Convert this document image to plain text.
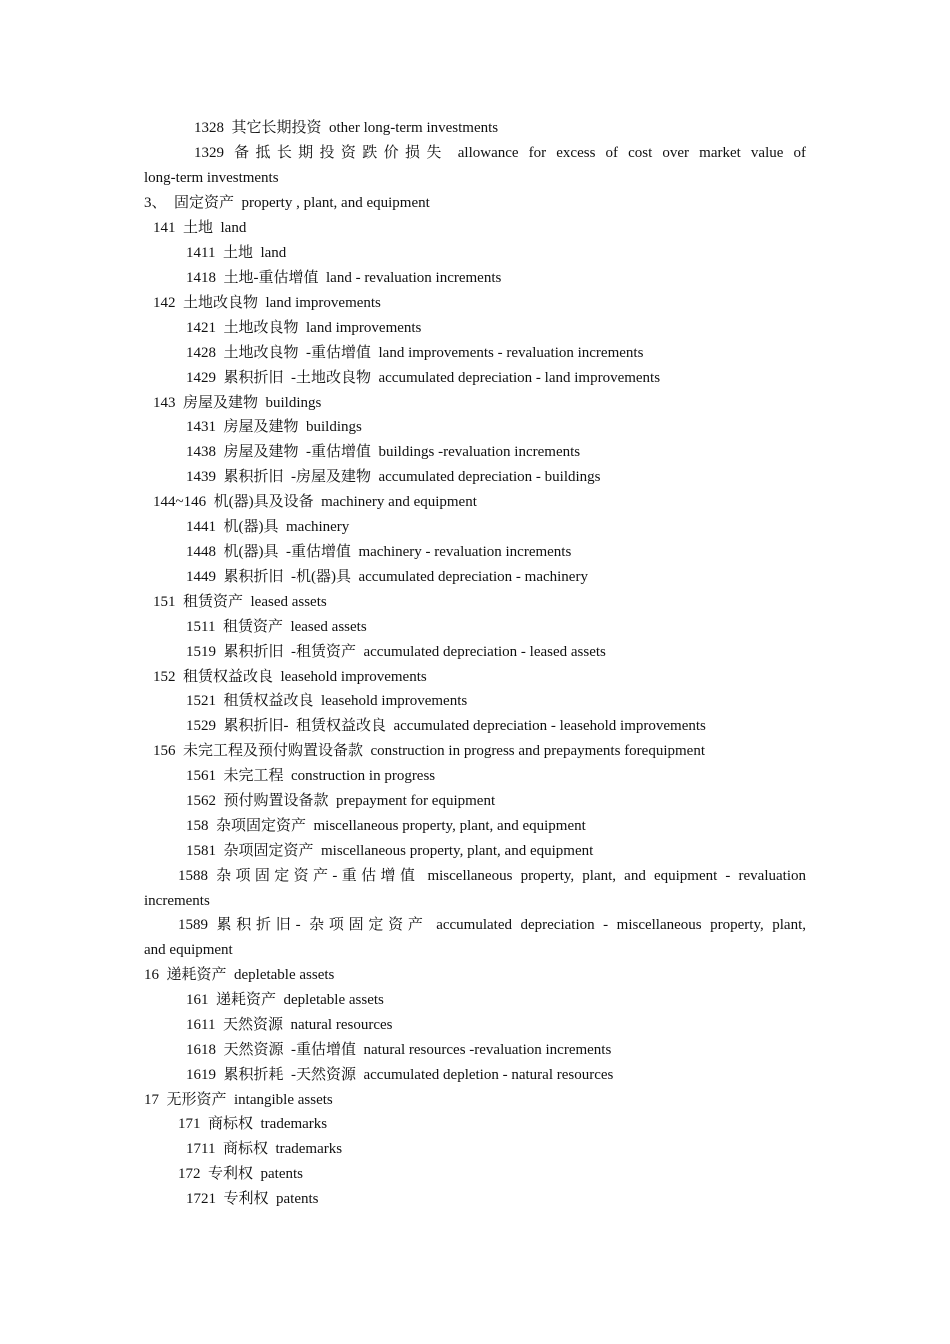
1328  其它长期投资  other long-term investments
1329 备抵长期投资跌价损失 allowance for excess of cost over market value of
long-term investments
3、  固定资产  property , plant, and equipment
141  土地  land
1411  土地  land
1418  土地-重估增值  land - revaluation increments
142  土地改良物  land improvements
1421  土地改良物  land improvements
1428  土地改良物  -重估增值  land improvements - revaluation increments
1429  累积折旧  -土地改良物  accumulated depreciation - land improvements
143  房屋及建物  buildings
1431  房屋及建物  buildings
1438  房屋及建物  -重估增值  buildings -revaluation increments
1439  累积折旧  -房屋及建物  accumulated depreciation - buildings
144~146  机(器)具及设备  machinery and equipment
1441  机(器)具  machinery
1448  机(器)具  -重估增值  machinery - revaluation increments
1449  累积折旧  -机(器)具  accumulated depreciation - machinery
151  租赁资产  leased assets
1511  租赁资产  leased assets
1519  累积折旧  -租赁资产  accumulated depreciation - leased assets
152  租赁权益改良  leasehold improvements
1521  租赁权益改良  leasehold improvements
1529  累积折旧-  租赁权益改良  accumulated depreciation - leasehold improvements
156  未完工程及预付购置设备款  construction in progress and prepayments forequipment
1561  未完工程  construction in progress
1562  预付购置设备款  prepayment for equipment
158  杂项固定资产  miscellaneous property, plant, and equipment
1581  杂项固定资产  miscellaneous property, plant, and equipment
1588 杂项固定资产-重估增值 miscellaneous property, plant, and equipment - revaluation
increments
1589 累积折旧- 杂项固定资产 accumulated depreciation - miscellaneous property, plant,
and equipment
16  递耗资产  depletable assets
161  递耗资产  depletable assets
1611  天然资源  natural resources
1618  天然资源  -重估增值  natural resources -revaluation increments
1619  累积折耗  -天然资源  accumulated depletion - natural resources
17  无形资产  intangible assets
171  商标权  trademarks
1711  商标权  trademarks
172  专利权  patents
1721  专利权  patents
